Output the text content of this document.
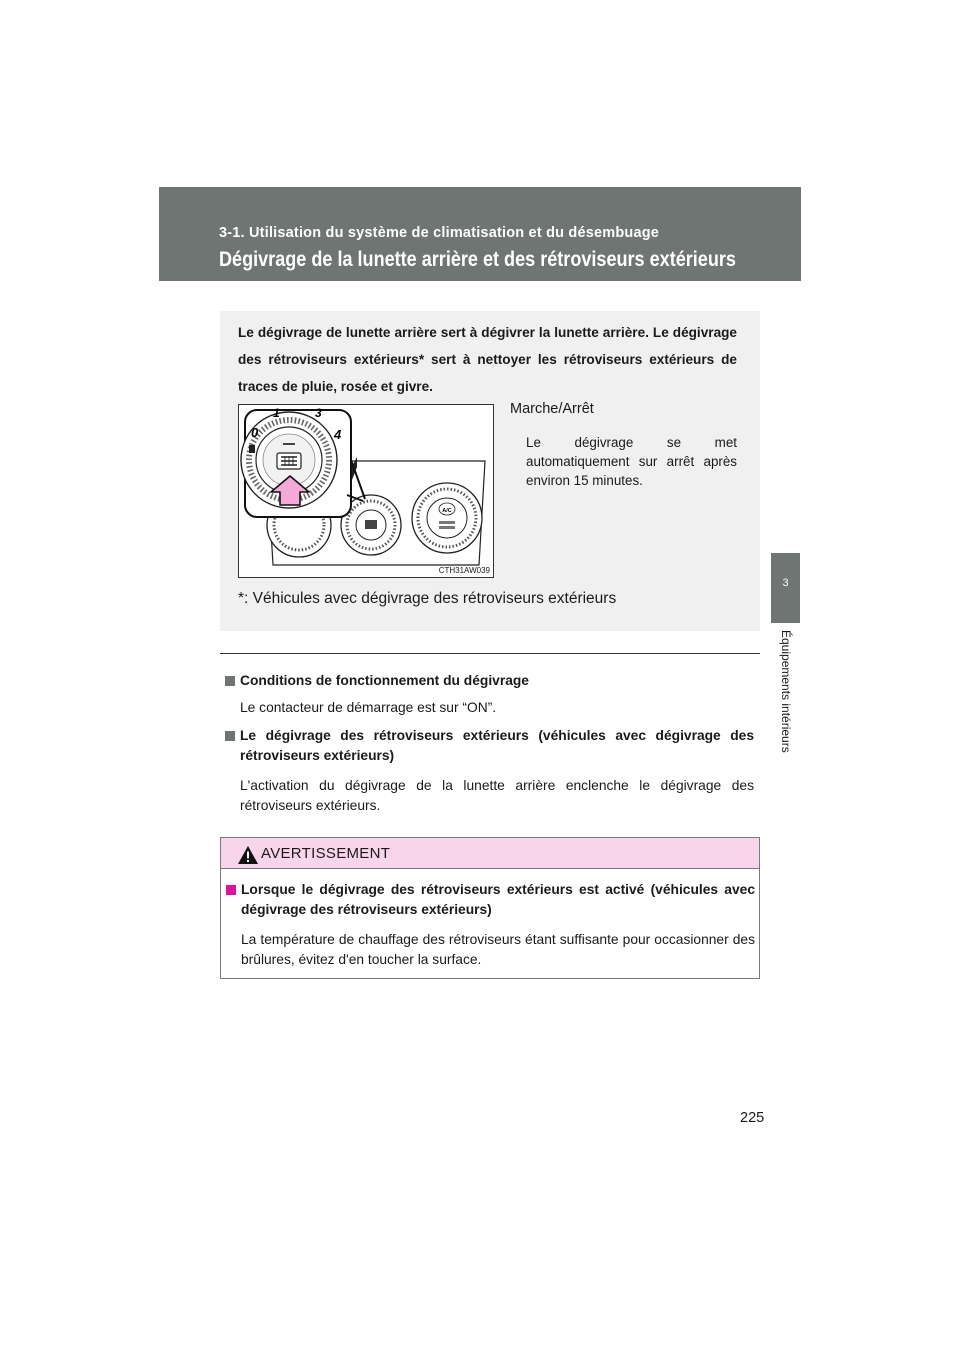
3-1. Utilisation du système de climatisation et du désembuage
Dégivrage de la lunette arrière et des rétroviseurs extérieurs
3
Équipements intérieurs
Le dégivrage de lunette arrière sert à dégivrer la lunette arrière. Le dégivrage des rétroviseurs extérieurs* sert à nettoyer les rétroviseurs extérieurs de traces de pluie, rosée et givre.
A/C
0
1	3
4
CTH31AW039
Marche/Arrêt
Le dégivrage se met automatiquement sur arrêt après environ 15 minutes.
*: Véhicules avec dégivrage des rétroviseurs extérieurs
Conditions de fonctionnement du dégivrage
Le contacteur de démarrage est sur “ON”.
Le dégivrage des rétroviseurs extérieurs (véhicules avec dégivrage des rétroviseurs extérieurs)
L'activation du dégivrage de la lunette arrière enclenche le dégivrage des rétroviseurs extérieurs.
AVERTISSEMENT
Lorsque le dégivrage des rétroviseurs extérieurs est activé (véhicules avec dégivrage des rétroviseurs extérieurs)
La température de chauffage des rétroviseurs étant suffisante pour occasionner des brûlures, évitez d'en toucher la surface.
225
